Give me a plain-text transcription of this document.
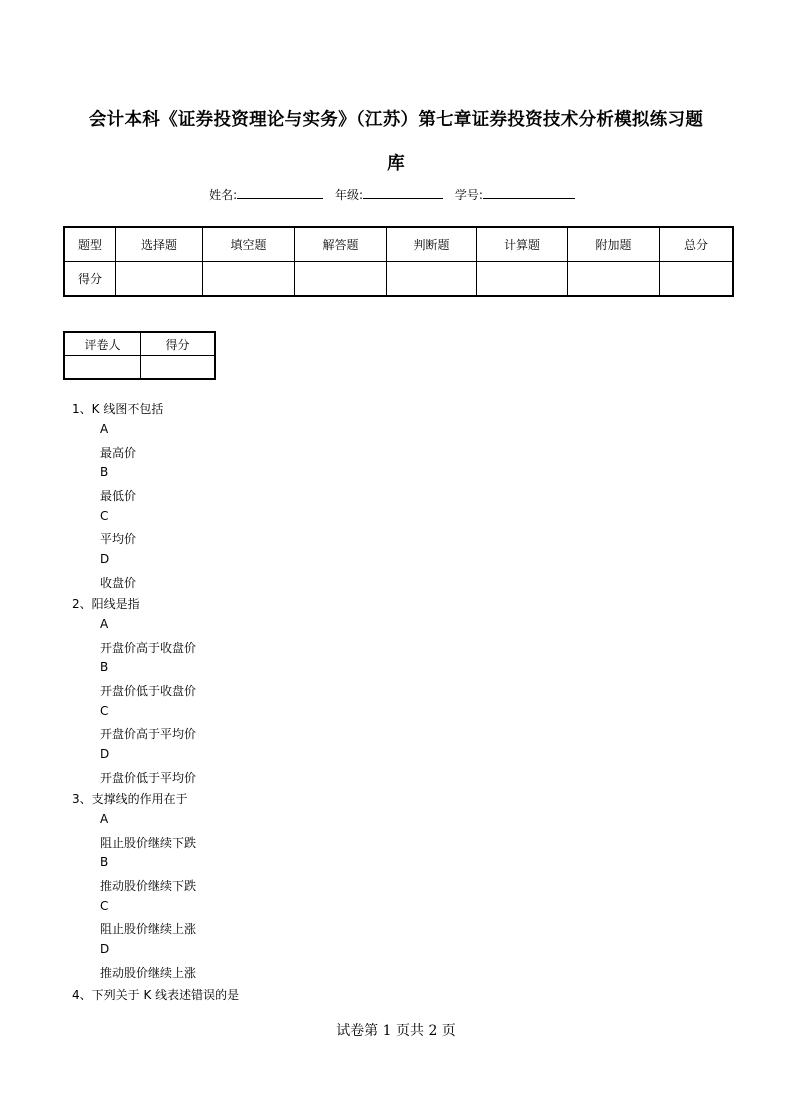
会计本科《证券投资理论与实务》（江苏）第七章证券投资技术分析模拟练习题
库
姓名:	年级:	学号:
题型	选择题	填空题	解答题	判断题	计算题	附加题	总分
得分							
评卷人	得分

1、K 线图不包括
A
最高价
B
最低价
C
平均价
D
收盘价
2、阳线是指
A
开盘价高于收盘价
B
开盘价低于收盘价
C
开盘价高于平均价
D
开盘价低于平均价
3、支撑线的作用在于
A
阻止股价继续下跌
B
推动股价继续下跌
C
阻止股价继续上涨
D
推动股价继续上涨
4、下列关于 K 线表述错误的是
试卷第 1 页共 2 页
